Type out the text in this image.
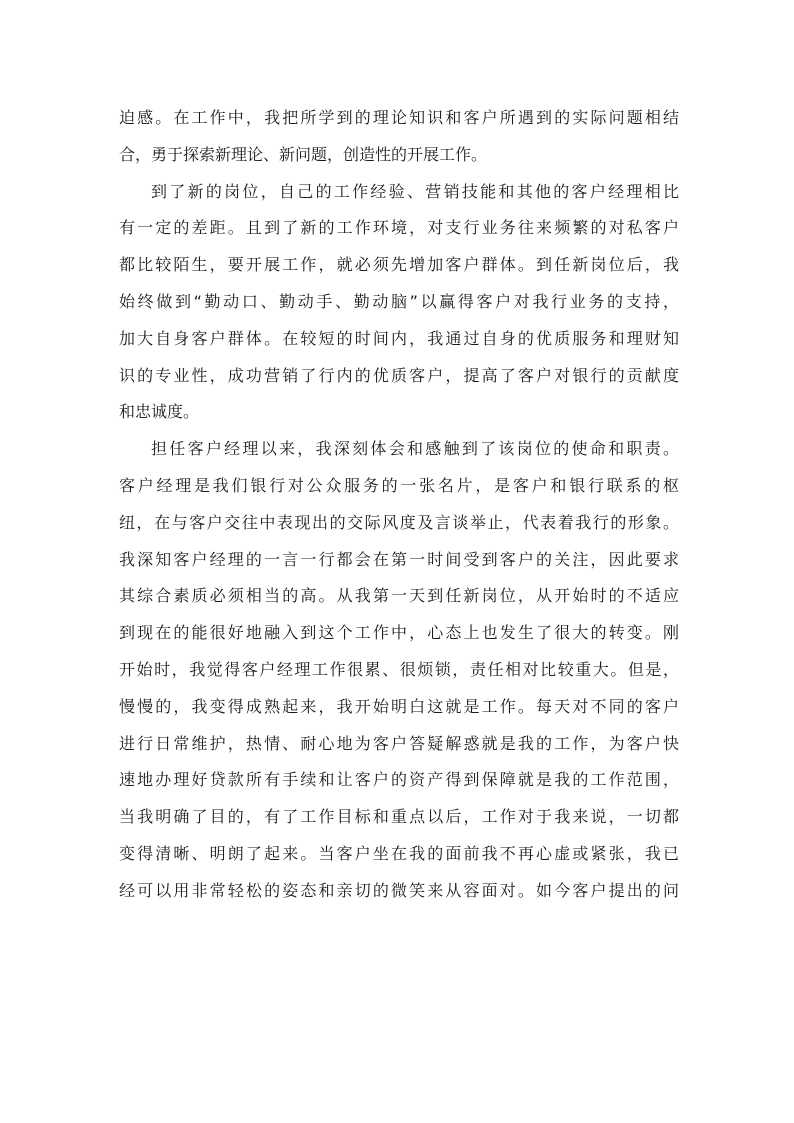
迫感。在工作中，我把所学到的理论知识和客户所遇到的实际问题相结
合，勇于探索新理论、新问题，创造性的开展工作。
到了新的岗位，自己的工作经验、营销技能和其他的客户经理相比
有一定的差距。且到了新的工作环境，对支行业务往来频繁的对私客户
都比较陌生，要开展工作，就必须先增加客户群体。到任新岗位后，我
始终做到“勤动口、勤动手、勤动脑”以赢得客户对我行业务的支持，
加大自身客户群体。在较短的时间内，我通过自身的优质服务和理财知
识的专业性，成功营销了行内的优质客户，提高了客户对银行的贡献度
和忠诚度。
担任客户经理以来，我深刻体会和感触到了该岗位的使命和职责。
客户经理是我们银行对公众服务的一张名片，是客户和银行联系的枢
纽，在与客户交往中表现出的交际风度及言谈举止，代表着我行的形象。
我深知客户经理的一言一行都会在第一时间受到客户的关注，因此要求
其综合素质必须相当的高。从我第一天到任新岗位，从开始时的不适应
到现在的能很好地融入到这个工作中，心态上也发生了很大的转变。刚
开始时，我觉得客户经理工作很累、很烦锁，责任相对比较重大。但是，
慢慢的，我变得成熟起来，我开始明白这就是工作。每天对不同的客户
进行日常维护，热情、耐心地为客户答疑解惑就是我的工作，为客户快
速地办理好贷款所有手续和让客户的资产得到保障就是我的工作范围，
当我明确了目的，有了工作目标和重点以后，工作对于我来说，一切都
变得清晰、明朗了起来。当客户坐在我的面前我不再心虚或紧张，我已
经可以用非常轻松的姿态和亲切的微笑来从容面对。如今客户提出的问
